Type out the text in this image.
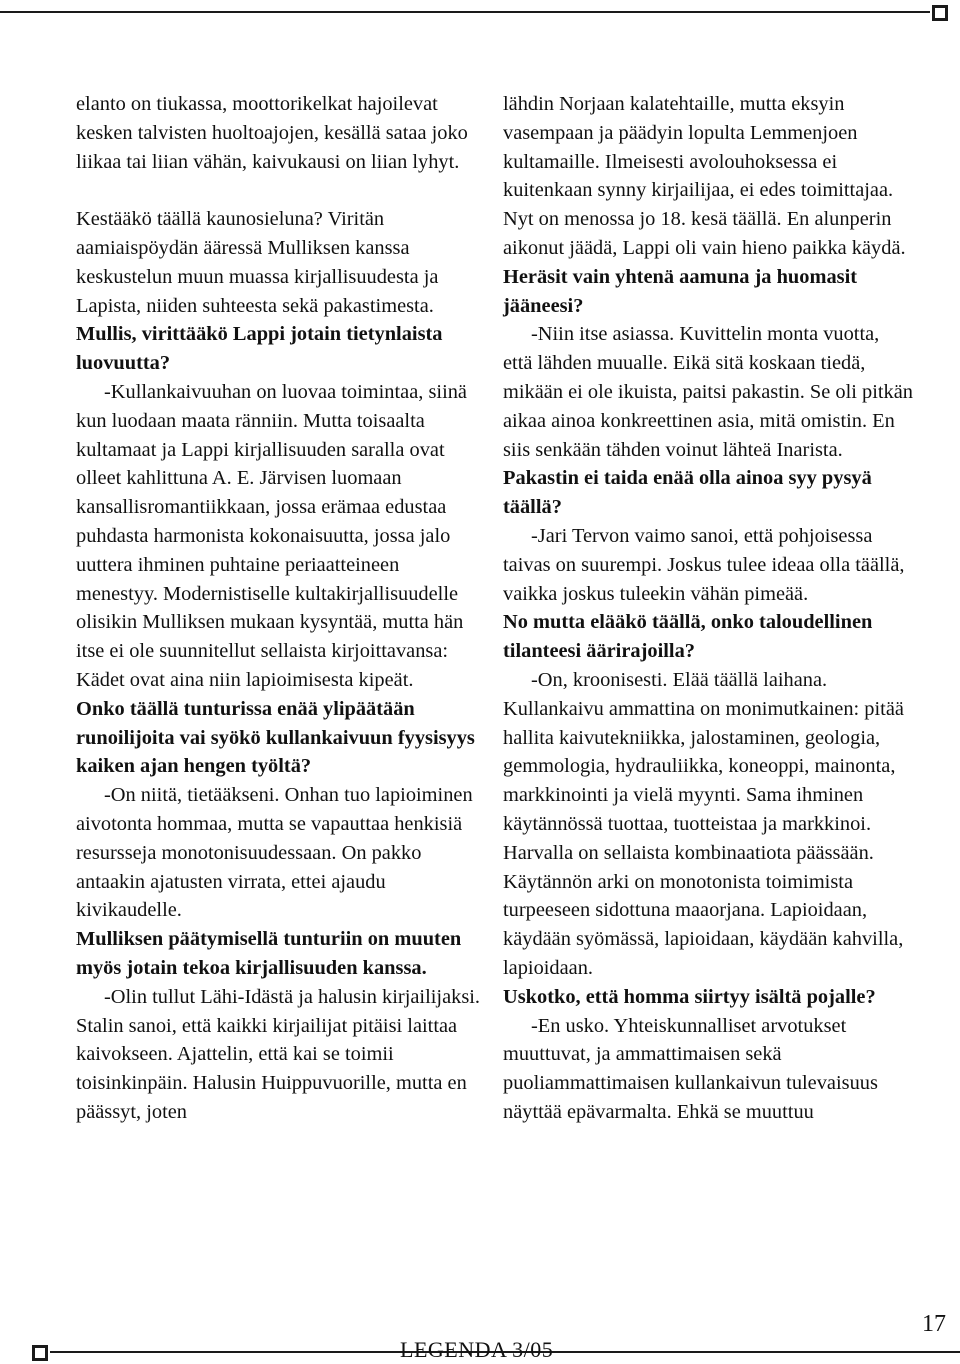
elanto on tiukassa, moottorikelkat hajoilevat kesken talvisten huoltoajojen, kesällä sataa joko liikaa tai liian vähän, kaivukausi on liian lyhyt.

Kestääkö täällä kaunosieluna? Viritän aamiaispöydän ääressä Mulliksen kanssa keskustelun muun muassa kirjallisuudesta ja Lapista, niiden suhteesta sekä pakastimesta.

Mullis, virittääkö Lappi jotain tietynlaista luovuutta?

-Kullankaivuuhan on luovaa toimintaa, siinä kun luodaan maata ränniin. Mutta toisaalta kultamaat ja Lappi kirjallisuuden saralla ovat olleet kahlittuna A. E. Järvisen luomaan kansallisromantiikkaan, jossa erämaa edustaa puhdasta harmonista kokonaisuutta, jossa jalo uuttera ihminen puhtaine periaatteineen menestyy. Modernistiselle kultakirjallisuudelle olisikin Mulliksen mukaan kysyntää, mutta hän itse ei ole suunnitellut sellaista kirjoittavansa: Kädet ovat aina niin lapioimisesta kipeät.

Onko täällä tunturissa enää ylipäätään runoilijoita vai syökö kullankaivuun fyysisyys kaiken ajan hengen työltä?

-On niitä, tietääkseni. Onhan tuo lapioiminen aivotonta hommaa, mutta se vapauttaa henkisiä resursseja monotonisuudessaan. On pakko antaakin ajatusten virrata, ettei ajaudu kivikaudelle.

Mulliksen päätymisellä tunturiin on muuten myös jotain tekoa kirjallisuuden kanssa.

-Olin tullut Lähi-Idästä ja halusin kirjailijaksi. Stalin sanoi, että kaikki kirjailijat pitäisi laittaa kaivokseen. Ajattelin, että kai se toimii toisinkinpäin. Halusin Huippuvuorille, mutta en päässyt, joten

lähdin Norjaan kalatehtaille, mutta eksyin vasempaan ja päädyin lopulta Lemmenjoen kultamaille. Ilmeisesti avolouhoksessa ei kuitenkaan synny kirjailijaa, ei edes toimittajaa. Nyt on menossa jo 18. kesä täällä. En alunperin aikonut jäädä, Lappi oli vain hieno paikka käydä.

Heräsit vain yhtenä aamuna ja huomasit jääneesi?

-Niin itse asiassa. Kuvittelin monta vuotta, että lähden muualle. Eikä sitä koskaan tiedä, mikään ei ole ikuista, paitsi pakastin. Se oli pitkän aikaa ainoa konkreettinen asia, mitä omistin. En siis senkään tähden voinut lähteä Inarista.

Pakastin ei taida enää olla ainoa syy pysyä täällä?

-Jari Tervon vaimo sanoi, että pohjoisessa taivas on suurempi. Joskus tulee ideaa olla täällä, vaikka joskus tuleekin vähän pimeää.

No mutta elääkö täällä, onko taloudellinen tilanteesi äärirajoilla?

-On, kroonisesti. Elää täällä laihana. Kullankaivu ammattina on monimutkainen: pitää hallita kaivutekniikka, jalostaminen, geologia, gemmologia, hydrauliikka, koneoppi, mainonta, markkinointi ja vielä myynti. Sama ihminen käytännössä tuottaa, tuotteistaa ja markkinoi. Harvalla on sellaista kombinaatiota päässään. Käytännön arki on monotonista toimimista turpeeseen sidottuna maaorjana. Lapioidaan, käydään syömässä, lapioidaan, käydään kahvilla, lapioidaan.

Uskotko, että homma siirtyy isältä pojalle?

-En usko. Yhteiskunnalliset arvotukset muuttuvat, ja ammattimaisen sekä puoliammattimaisen kullankaivun tulevaisuus näyttää epävarmalta. Ehkä se muuttuu

17
LEGENDA 3/05
